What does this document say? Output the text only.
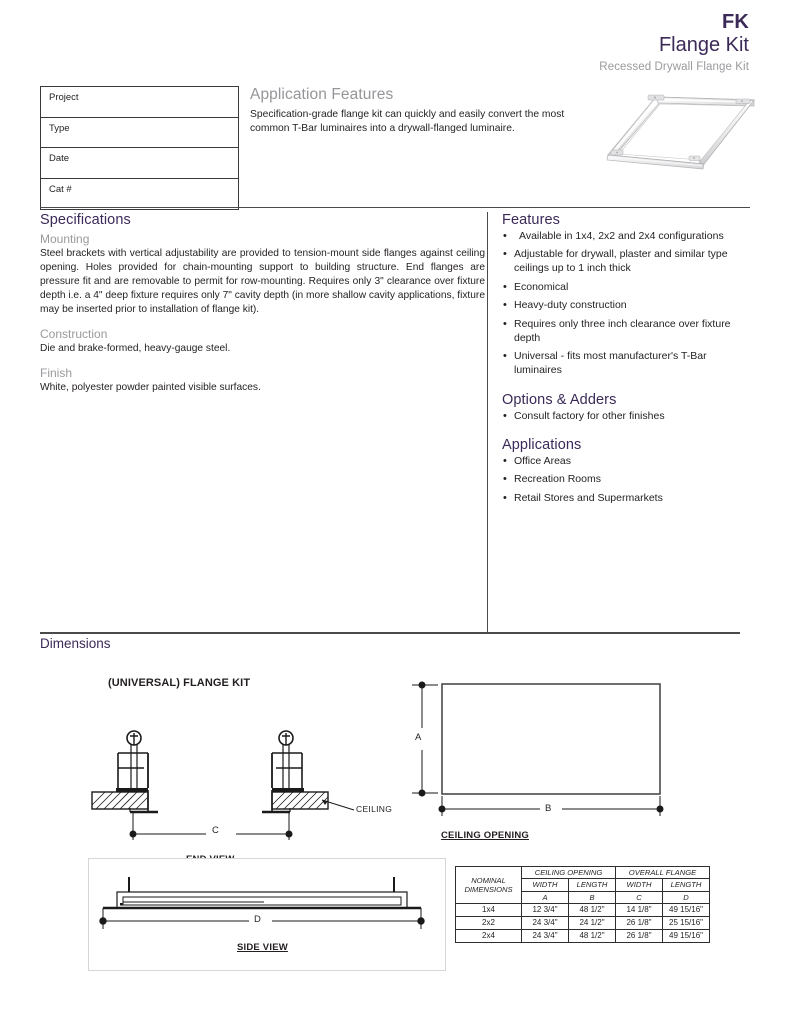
FK
Flange Kit
Recessed Drywall Flange Kit
Project
Type
Date
Cat #
Application Features

Specification-grade flange kit can quickly and easily convert the most common T-Bar luminaires into a drywall-flanged luminaire.

Specifications
Mounting

Steel brackets with vertical adjustability are provided to tension-mount side flanges against ceiling opening. Holes provided for chain-mounting support to building structure. End flanges are pressure fit and are removable to permit for row-mounting. Requires only 3" clearance over fixture depth i.e. a 4" deep fixture requires only 7" cavity depth (in more shallow cavity applications, fixture may be inserted prior to installation of flange kit).

Construction

Die and brake-formed, heavy-gauge steel.

Finish

White, polyester powder painted visible surfaces.

Features
• Available in 1x4, 2x2 and 2x4 configurations
• Adjustable for drywall, plaster and similar type ceilings up to 1 inch thick
• Economical
• Heavy-duty construction
• Requires only three inch clearance over fixture depth
• Universal - fits most manufacturer's T-Bar luminaires
Options & Adders
• Consult factory for other finishes
Applications
• Office Areas
• Recreation Rooms
• Retail Stores and Supermarkets
Dimensions
(UNIVERSAL) FLANGE KIT
C
CEILING
A
B
CEILING OPENING
D
SIDE VIEW
NOMINAL
DIMENSIONS	CEILING OPENING		OVERALL FLANGE	
	WIDTH	LENGTH	WIDTH	LENGTH
	A	B	C	D
1x4	12 3/4"	48 1/2"	14 1/8"	49 15/16"
2x2	24 3/4"	24 1/2"	26 1/8"	25 15/16"
2x4	24 3/4"	48 1/2"	26 1/8"	49 15/16"
